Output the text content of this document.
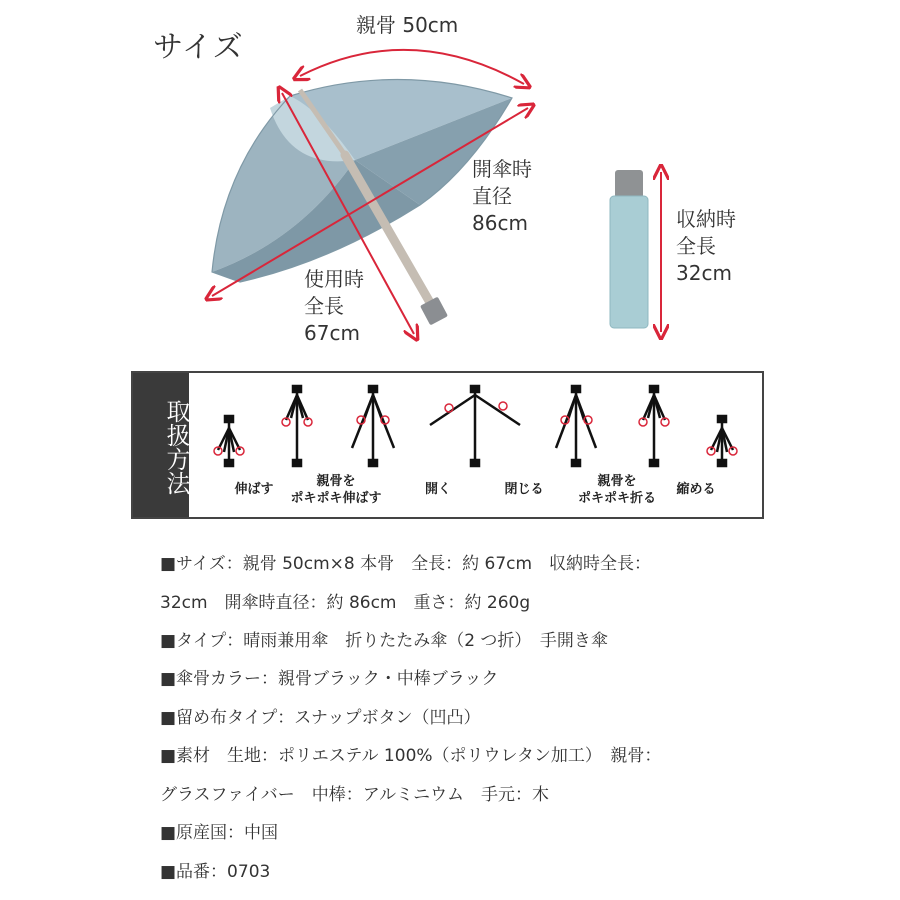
サイズ
親骨 50cm
開傘時
直径
86cm
使用時
全長
67cm
収納時
全長
32cm
取扱方法	伸ばす
親骨を
ポキポキ伸ばす
開く	閉じる
親骨を
ポキポキ折る
縮める
■サイズ：親骨 50cm×8 本骨　全長：約 67cm　収納時全長：
32cm　開傘時直径：約 86cm　重さ：約 260g
■タイプ：晴雨兼用傘　折りたたみ傘（2 つ折）　手開き傘
■傘骨カラー：親骨ブラック・中棒ブラック
■留め布タイプ：スナップボタン（凹凸）
■素材　生地：ポリエステル 100%（ポリウレタン加工）　親骨：
グラスファイバー　中棒：アルミニウム　手元：木
■原産国：中国
■品番：0703
